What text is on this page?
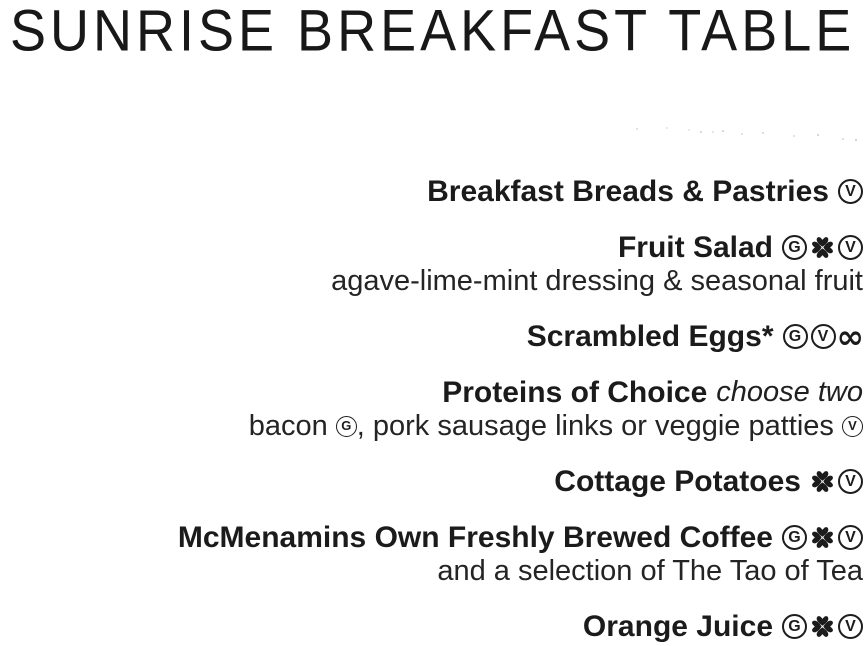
SUNRISE BREAKFAST TABLE
Breakfast Breads & Pastries	V
Fruit Salad G	V
agave-lime-mint dressing & seasonal fruit
Scrambled Eggs* G	V ∞
Proteins of Choice choose two
bacon G , pork sausage links or veggie patties V
Cottage Potatoes	V
McMenamins Own Freshly Brewed Coffee G	V
and a selection of The Tao of Tea
Orange Juice G	V
